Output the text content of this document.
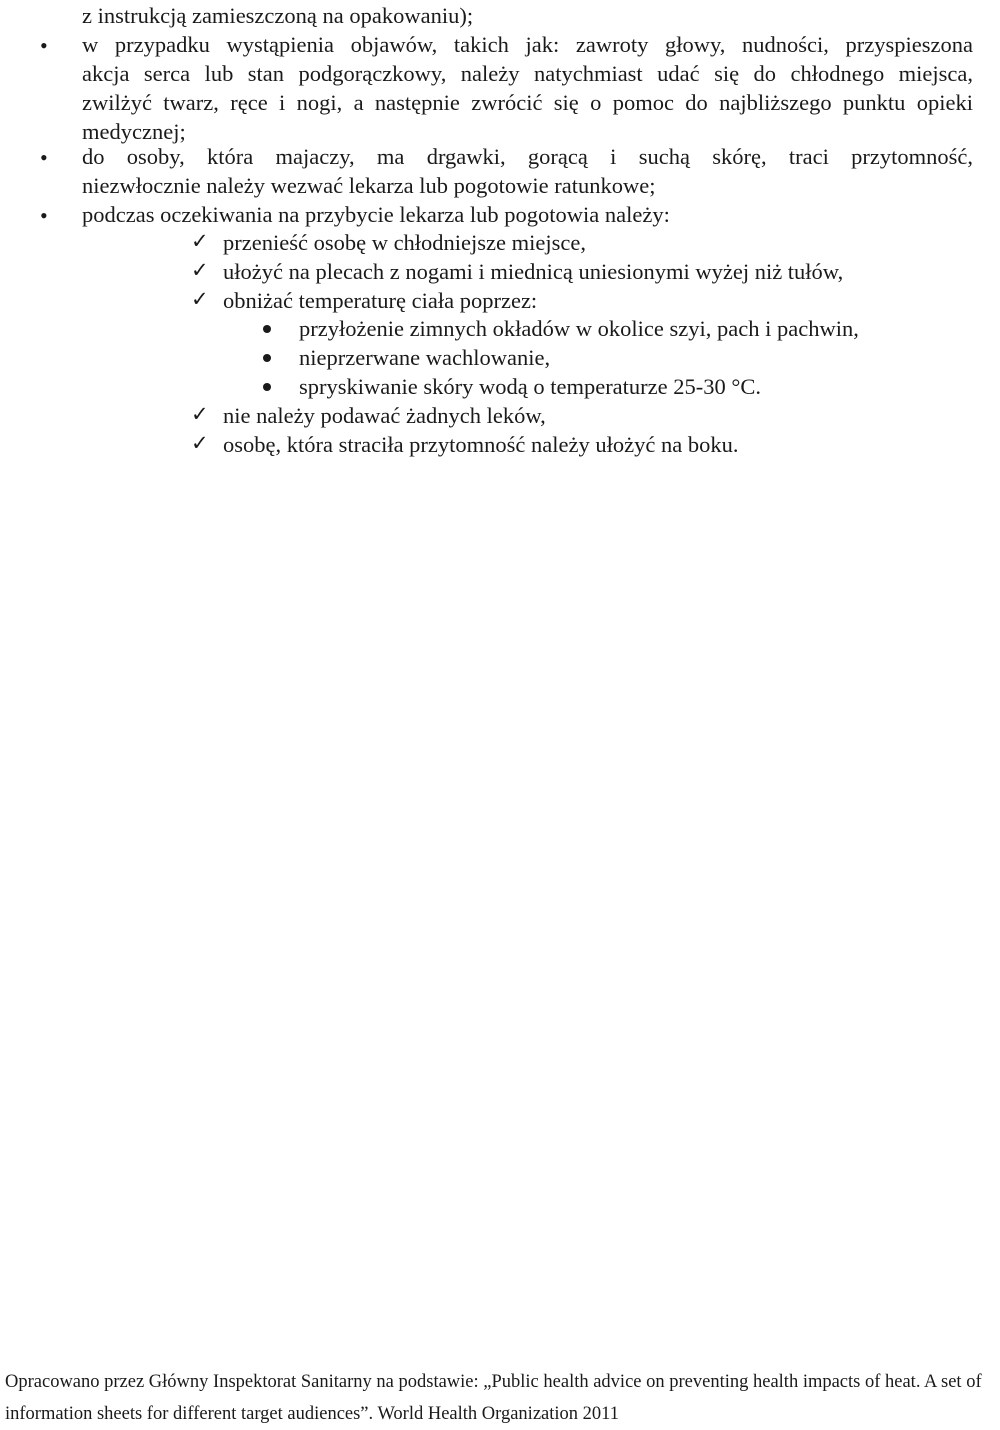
z instrukcją zamieszczoną na opakowaniu);
• w przypadku wystąpienia objawów, takich jak: zawroty głowy, nudności, przyspieszona
akcja serca lub stan podgorączkowy, należy natychmiast udać się do chłodnego miejsca,
zwilżyć twarz, ręce i nogi, a następnie zwrócić się o pomoc do najbliższego punktu opieki
medycznej;
• do osoby, która majaczy, ma drgawki, gorącą i suchą skórę, traci przytomność,
niezwłocznie należy wezwać lekarza lub pogotowie ratunkowe;
• podczas oczekiwania na przybycie lekarza lub pogotowia należy:
✓ przenieść osobę w chłodniejsze miejsce,
✓ ułożyć na plecach z nogami i miednicą uniesionymi wyżej niż tułów,
✓ obniżać temperaturę ciała poprzez:
przyłożenie zimnych okładów w okolice szyi, pach i pachwin,
nieprzerwane wachlowanie,
spryskiwanie skóry wodą o temperaturze 25-30 °C.
✓ nie należy podawać żadnych leków,
✓ osobę, która straciła przytomność należy ułożyć na boku.
Opracowano przez Główny Inspektorat Sanitarny na podstawie: „Public health advice on preventing health impacts of heat. A set of
information sheets for different target audiences”. World Health Organization 2011
